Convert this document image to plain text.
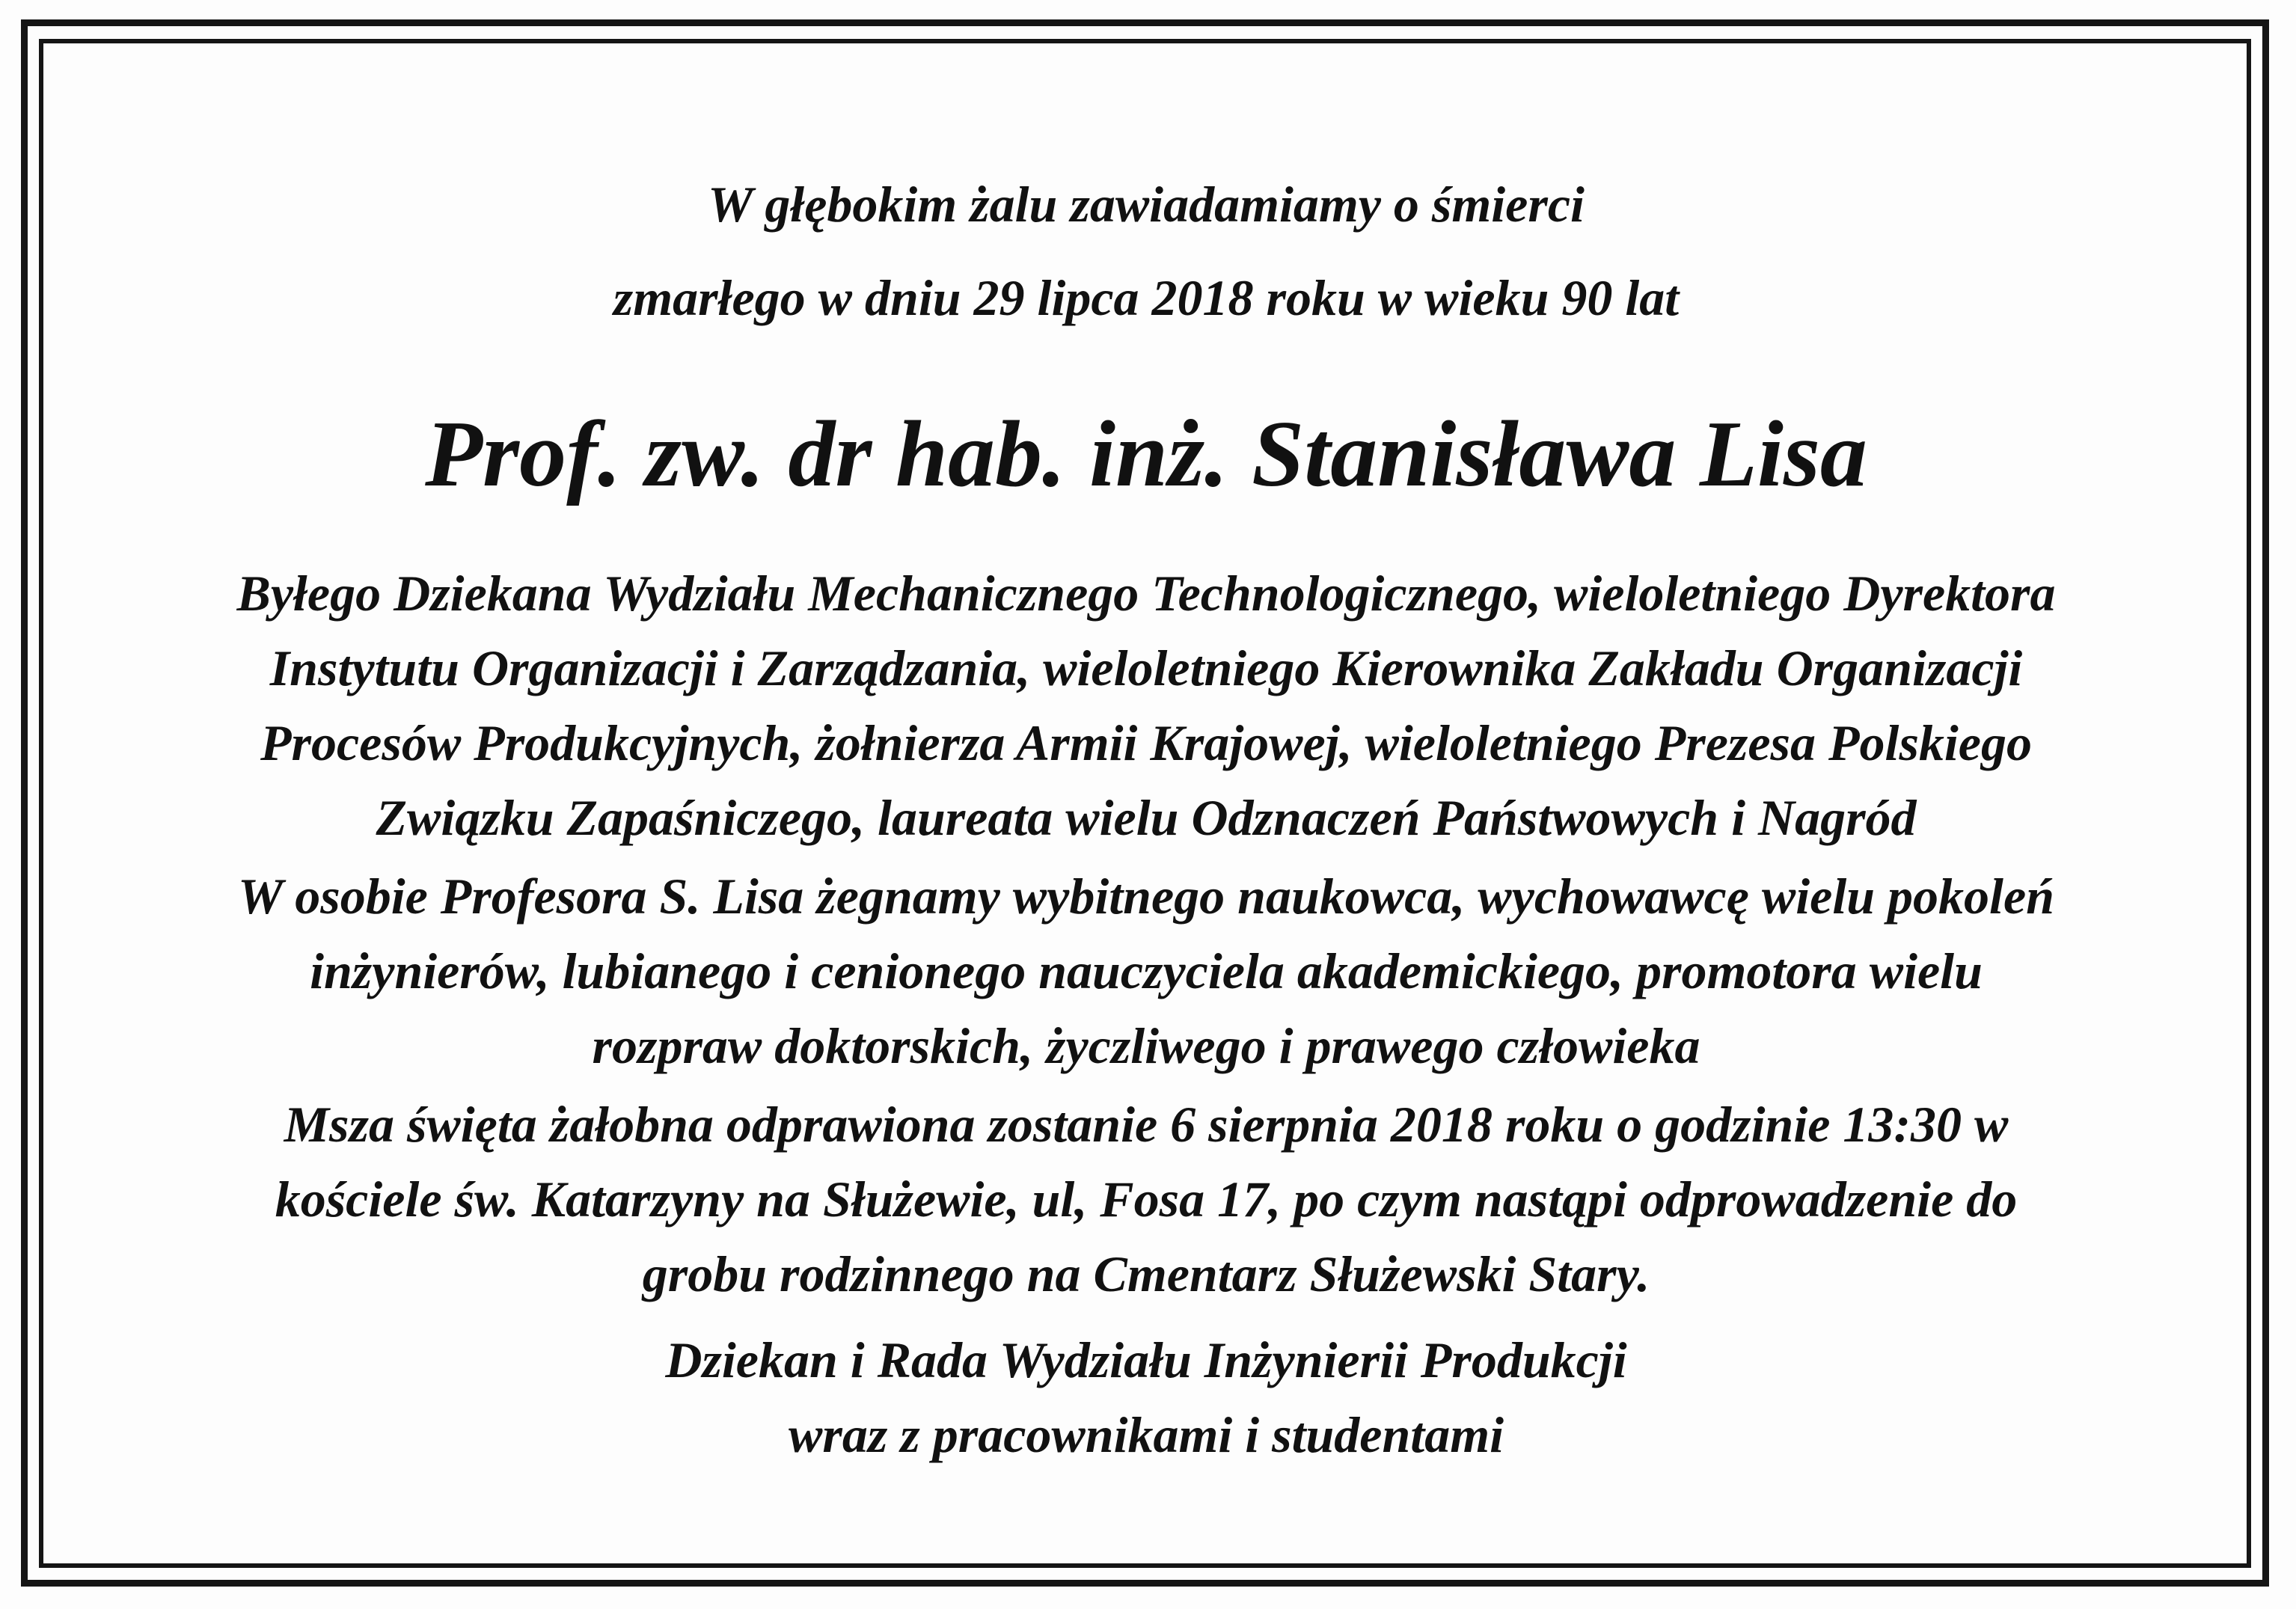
W głębokim żalu zawiadamiamy o śmierci
zmarłego w dniu 29 lipca 2018 roku w wieku 90 lat
Prof. zw. dr hab. inż. Stanisława Lisa
Byłego Dziekana Wydziału Mechanicznego Technologicznego, wieloletniego Dyrektora
Instytutu Organizacji i Zarządzania, wieloletniego Kierownika Zakładu Organizacji
Procesów Produkcyjnych, żołnierza Armii Krajowej, wieloletniego Prezesa Polskiego
Związku Zapaśniczego, laureata wielu Odznaczeń Państwowych i Nagród
W osobie Profesora S. Lisa żegnamy wybitnego naukowca, wychowawcę wielu pokoleń
inżynierów, lubianego i cenionego nauczyciela akademickiego, promotora wielu
rozpraw doktorskich, życzliwego i prawego człowieka
Msza święta żałobna odprawiona zostanie 6 sierpnia 2018 roku o godzinie 13:30 w
kościele św. Katarzyny na Służewie, ul, Fosa 17, po czym nastąpi odprowadzenie do
grobu rodzinnego na Cmentarz Służewski Stary.
Dziekan i Rada Wydziału Inżynierii Produkcji
wraz z pracownikami i studentami
